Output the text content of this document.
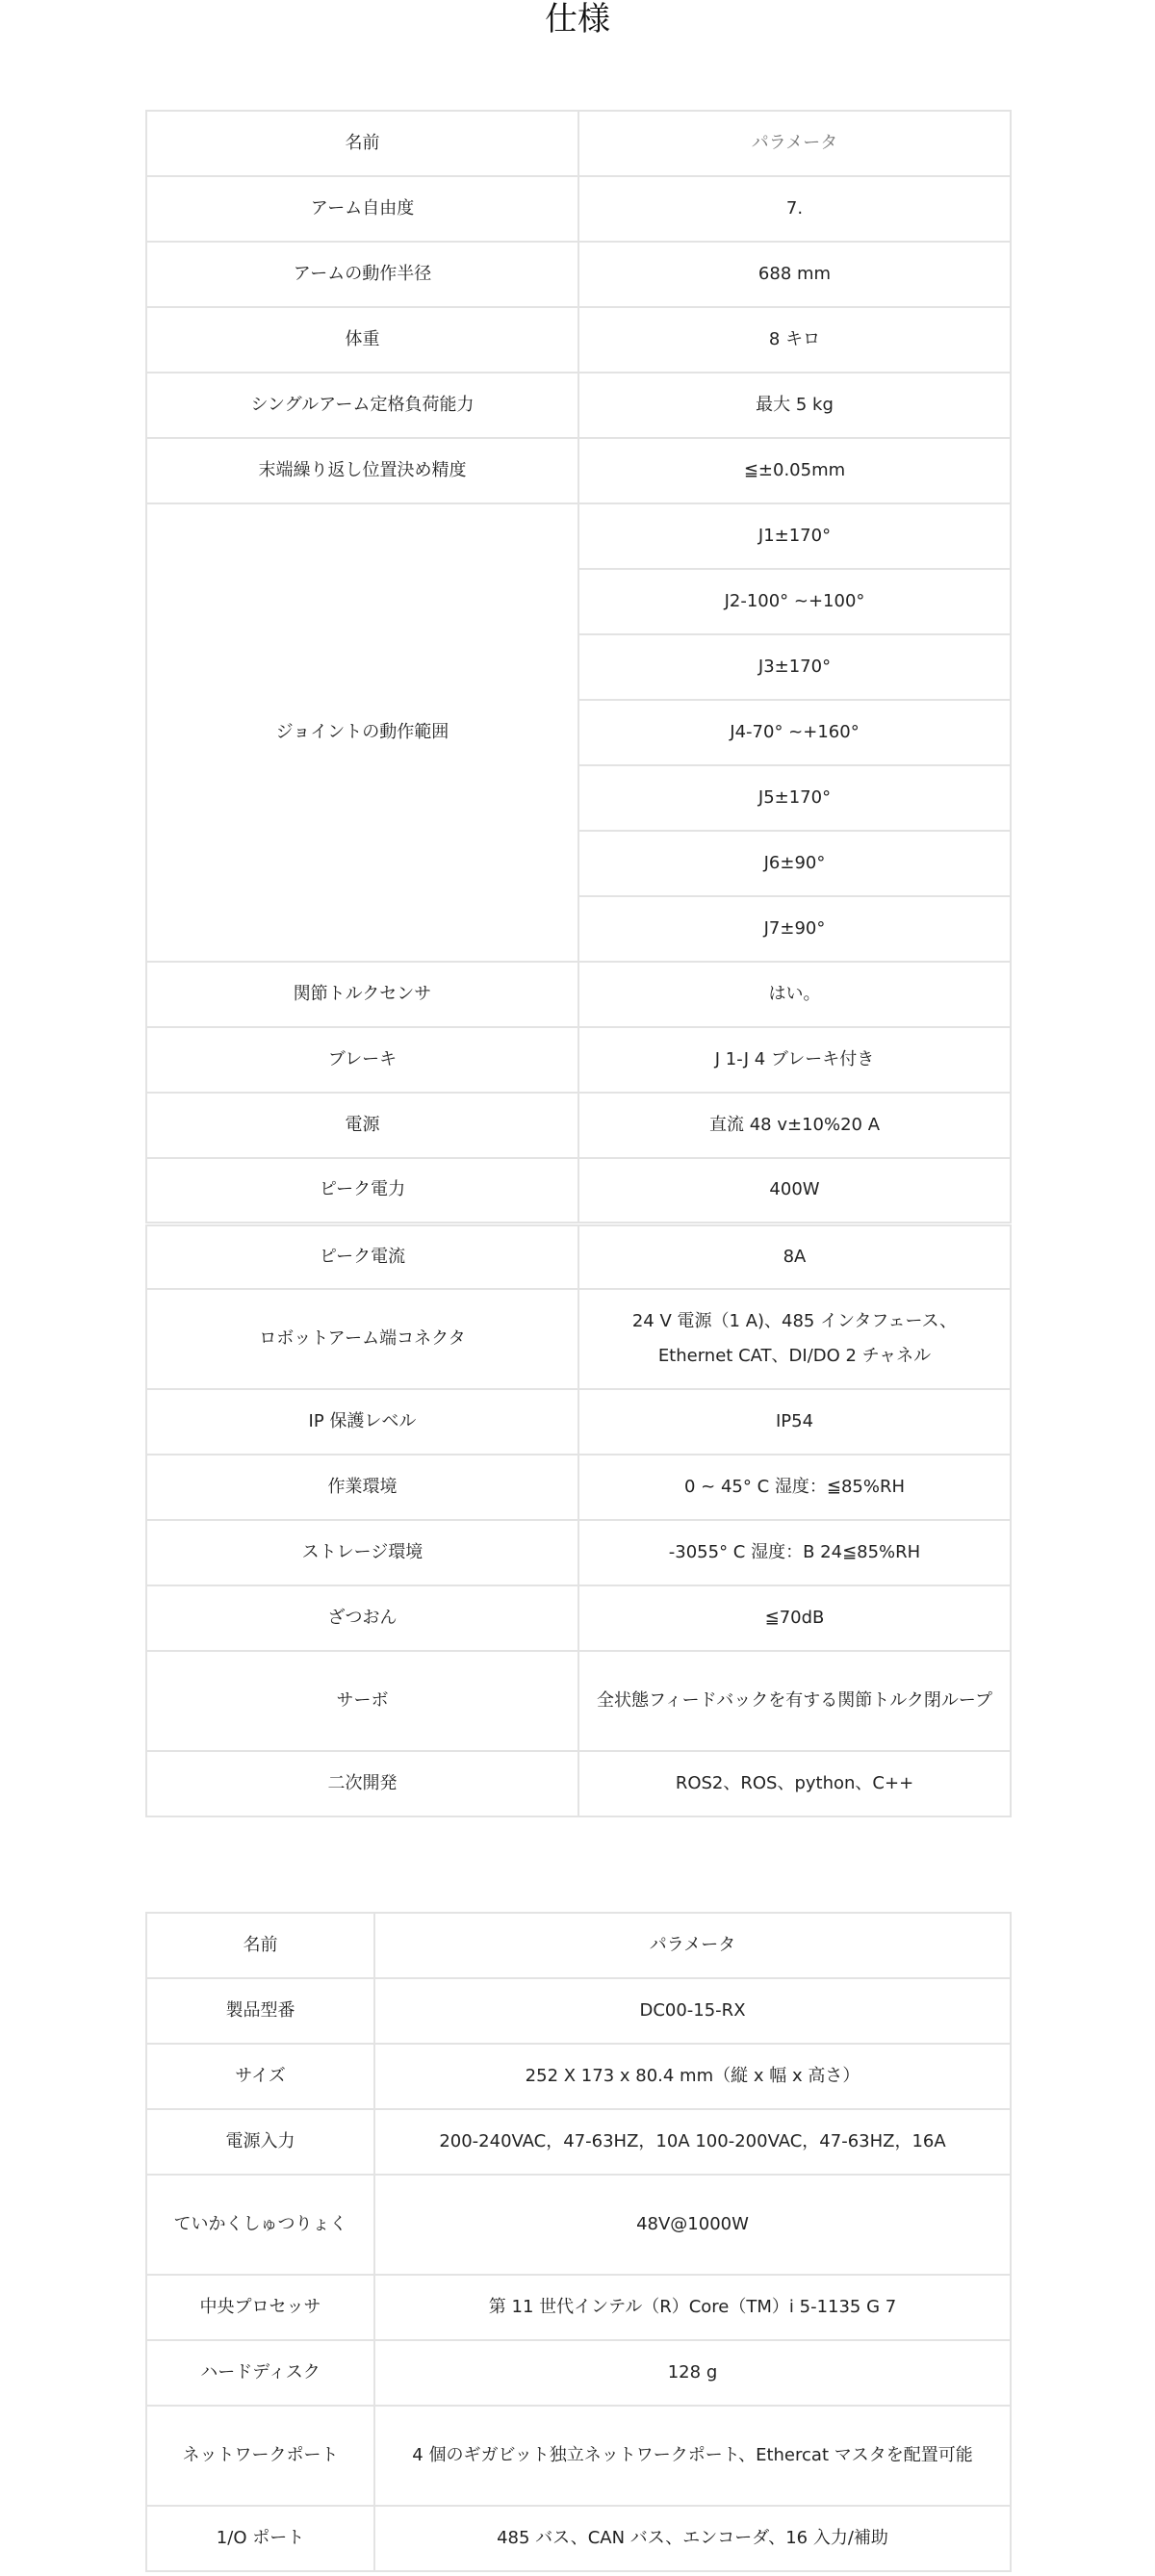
仕様
名前	パラメータ
アーム自由度	7.
アームの動作半径	688 mm
体重	8 キロ
シングルアーム定格負荷能力	最大 5 kg
末端繰り返し位置決め精度	≦±0.05mm
ジョイントの動作範囲	J1±170°
	J2-100° ~+100°
	J3±170°
	J4-70° ~+160°
	J5±170°
	J6±90°
	J7±90°
関節トルクセンサ	はい。
ブレーキ	J 1-J 4 ブレーキ付き
電源	直流 48 v±10%20 A
ピーク電力	400W
ピーク電流	8A
ロボットアーム端コネクタ	24 V 電源（1 A)、485 インタフェース、Ethernet CAT、DI/DO 2 チャネル
IP 保護レベル	IP54
作業環境	0 ~ 45° C 湿度：≦85%RH
ストレージ環境	-3055° C 湿度：B 24≦85%RH
ざつおん	≦70dB
サーボ	全状態フィードバックを有する関節トルク閉ループ
二次開発	ROS2、ROS、python、C++
名前	パラメータ
製品型番	DC00-15-RX
サイズ	252 X 173 x 80.4 mm（縦 x 幅 x 高さ）
電源入力	200-240VAC，47-63HZ，10A 100-200VAC，47-63HZ，16A
ていかくしゅつりょく	48V@1000W
中央プロセッサ	第 11 世代インテル（R）Core（TM）i 5-1135 G 7
ハードディスク	128 g
ネットワークポート	4 個のギガビット独立ネットワークポート、Ethercat マスタを配置可能
1/O ポート	485 バス、CAN バス、エンコーダ、16 入力/補助
